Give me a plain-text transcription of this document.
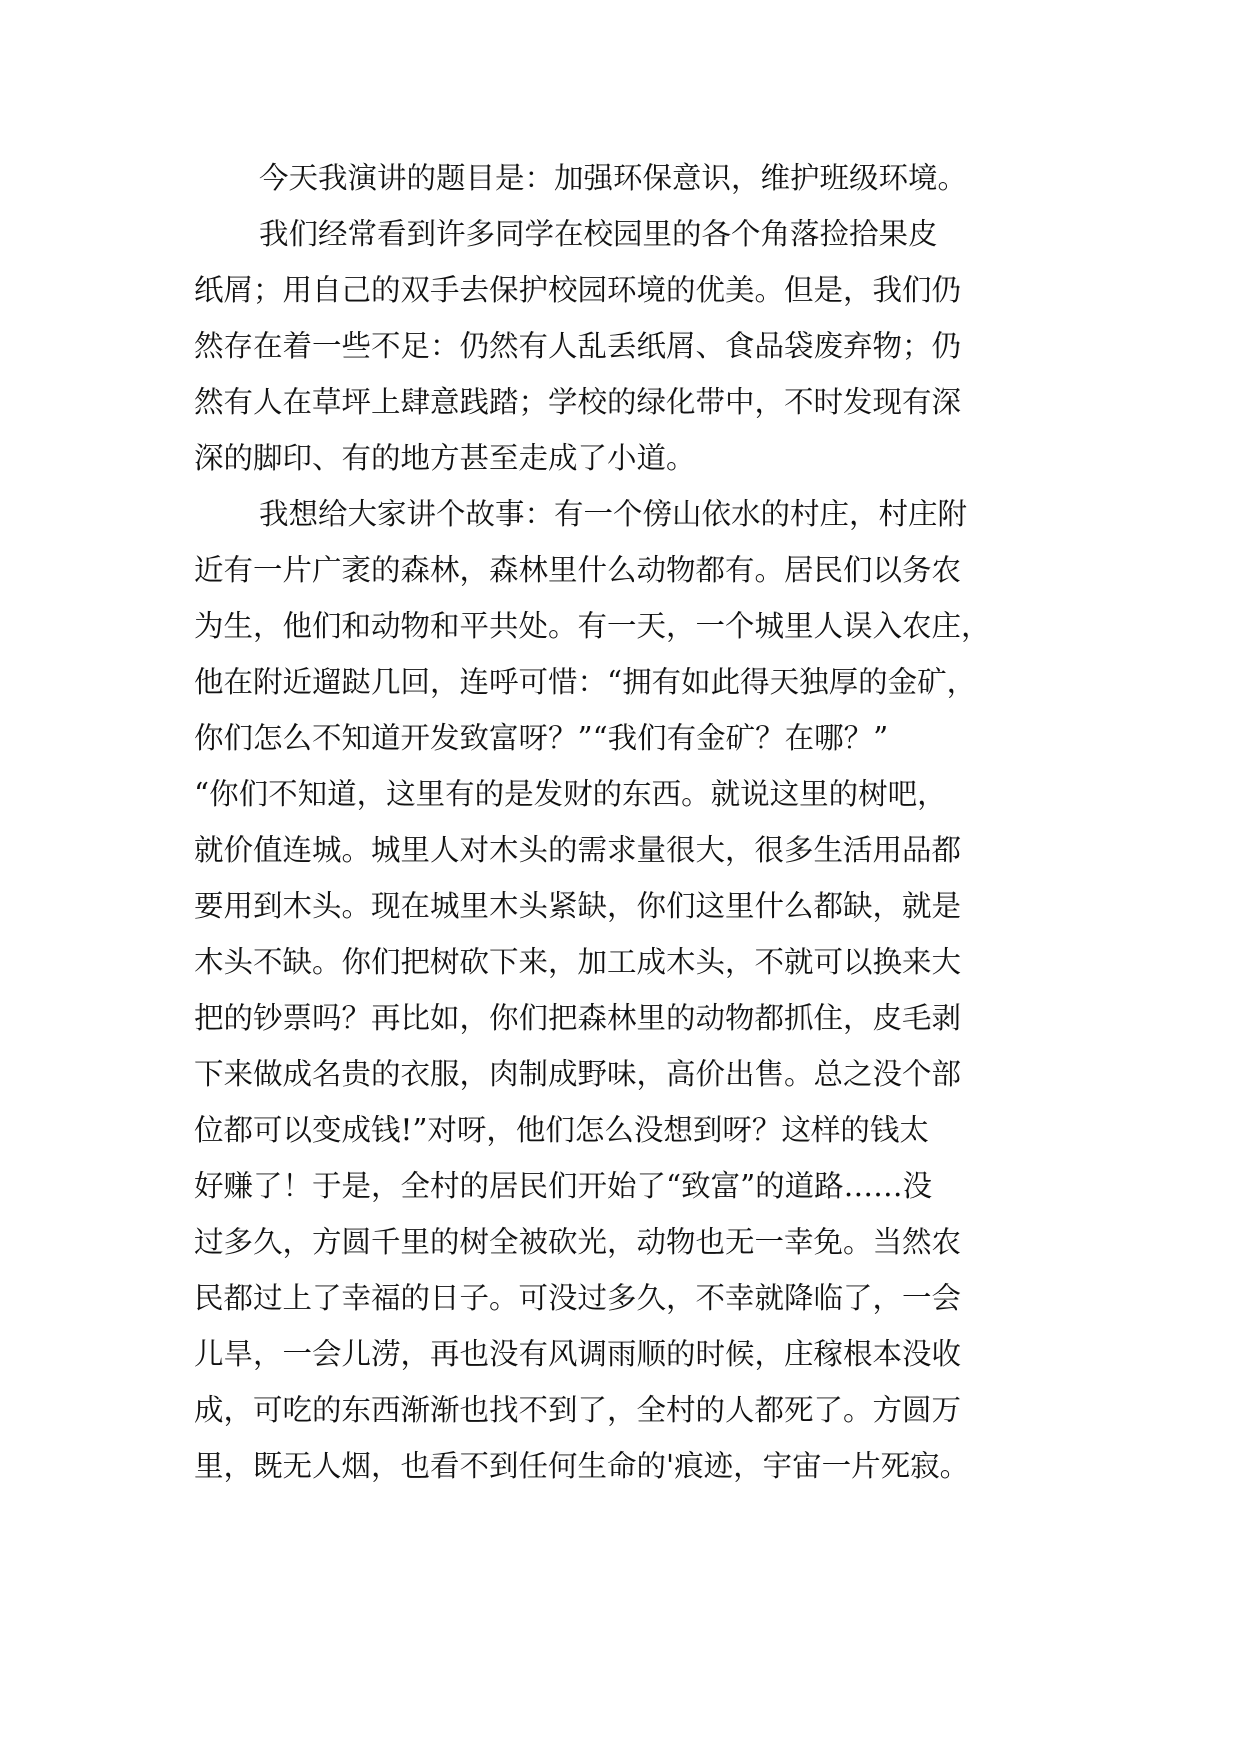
今天我演讲的题目是：加强环保意识，维护班级环境。
我们经常看到许多同学在校园里的各个角落捡拾果皮
纸屑；用自己的双手去保护校园环境的优美。但是，我们仍
然存在着一些不足：仍然有人乱丢纸屑、食品袋废弃物；仍
然有人在草坪上肆意践踏；学校的绿化带中，不时发现有深
深的脚印、有的地方甚至走成了小道。
我想给大家讲个故事：有一个傍山依水的村庄，村庄附
近有一片广袤的森林，森林里什么动物都有。居民们以务农
为生，他们和动物和平共处。有一天，一个城里人误入农庄，
他在附近遛跶几回，连呼可惜：“拥有如此得天独厚的金矿，
你们怎么不知道开发致富呀？”“我们有金矿？在哪？”
“你们不知道，这里有的是发财的东西。就说这里的树吧，
就价值连城。城里人对木头的需求量很大，很多生活用品都
要用到木头。现在城里木头紧缺，你们这里什么都缺，就是
木头不缺。你们把树砍下来，加工成木头，不就可以换来大
把的钞票吗？再比如，你们把森林里的动物都抓住，皮毛剥
下来做成名贵的衣服，肉制成野味，高价出售。总之没个部
位都可以变成钱!”对呀，他们怎么没想到呀？这样的钱太
好赚了！于是，全村的居民们开始了“致富”的道路……没
过多久，方圆千里的树全被砍光，动物也无一幸免。当然农
民都过上了幸福的日子。可没过多久，不幸就降临了，一会
儿旱，一会儿涝，再也没有风调雨顺的时候，庄稼根本没收
成，可吃的东西渐渐也找不到了，全村的人都死了。方圆万
里，既无人烟，也看不到任何生命的'痕迹，宇宙一片死寂。
